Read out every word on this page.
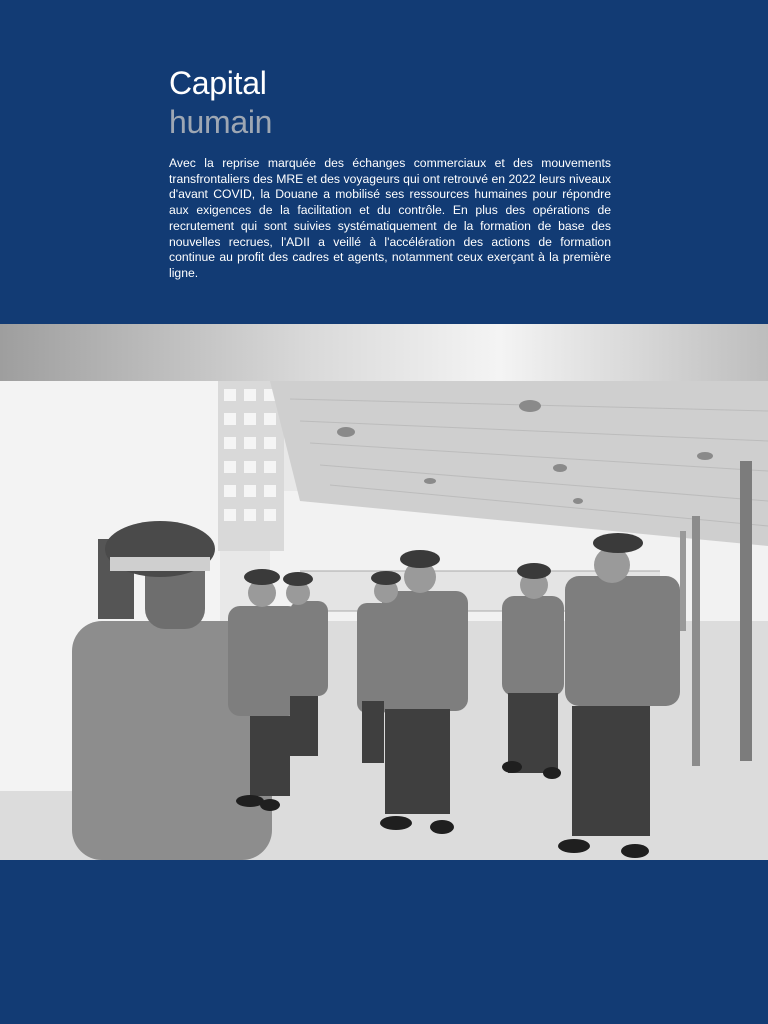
Capital
humain

Avec la reprise marquée des échanges commerciaux et des mouvements transfrontaliers des MRE et des voyageurs qui ont retrouvé en 2022 leurs niveaux d'avant COVID, la Douane a mobilisé ses ressources humaines pour répondre aux exigences de la facilitation et du contrôle. En plus des opérations de recrutement qui sont suivies systématiquement de la formation de base des nouvelles recrues, l'ADII a veillé à l'accélération des actions de formation continue au profit des cadres et agents, notamment ceux exerçant à la première ligne.
